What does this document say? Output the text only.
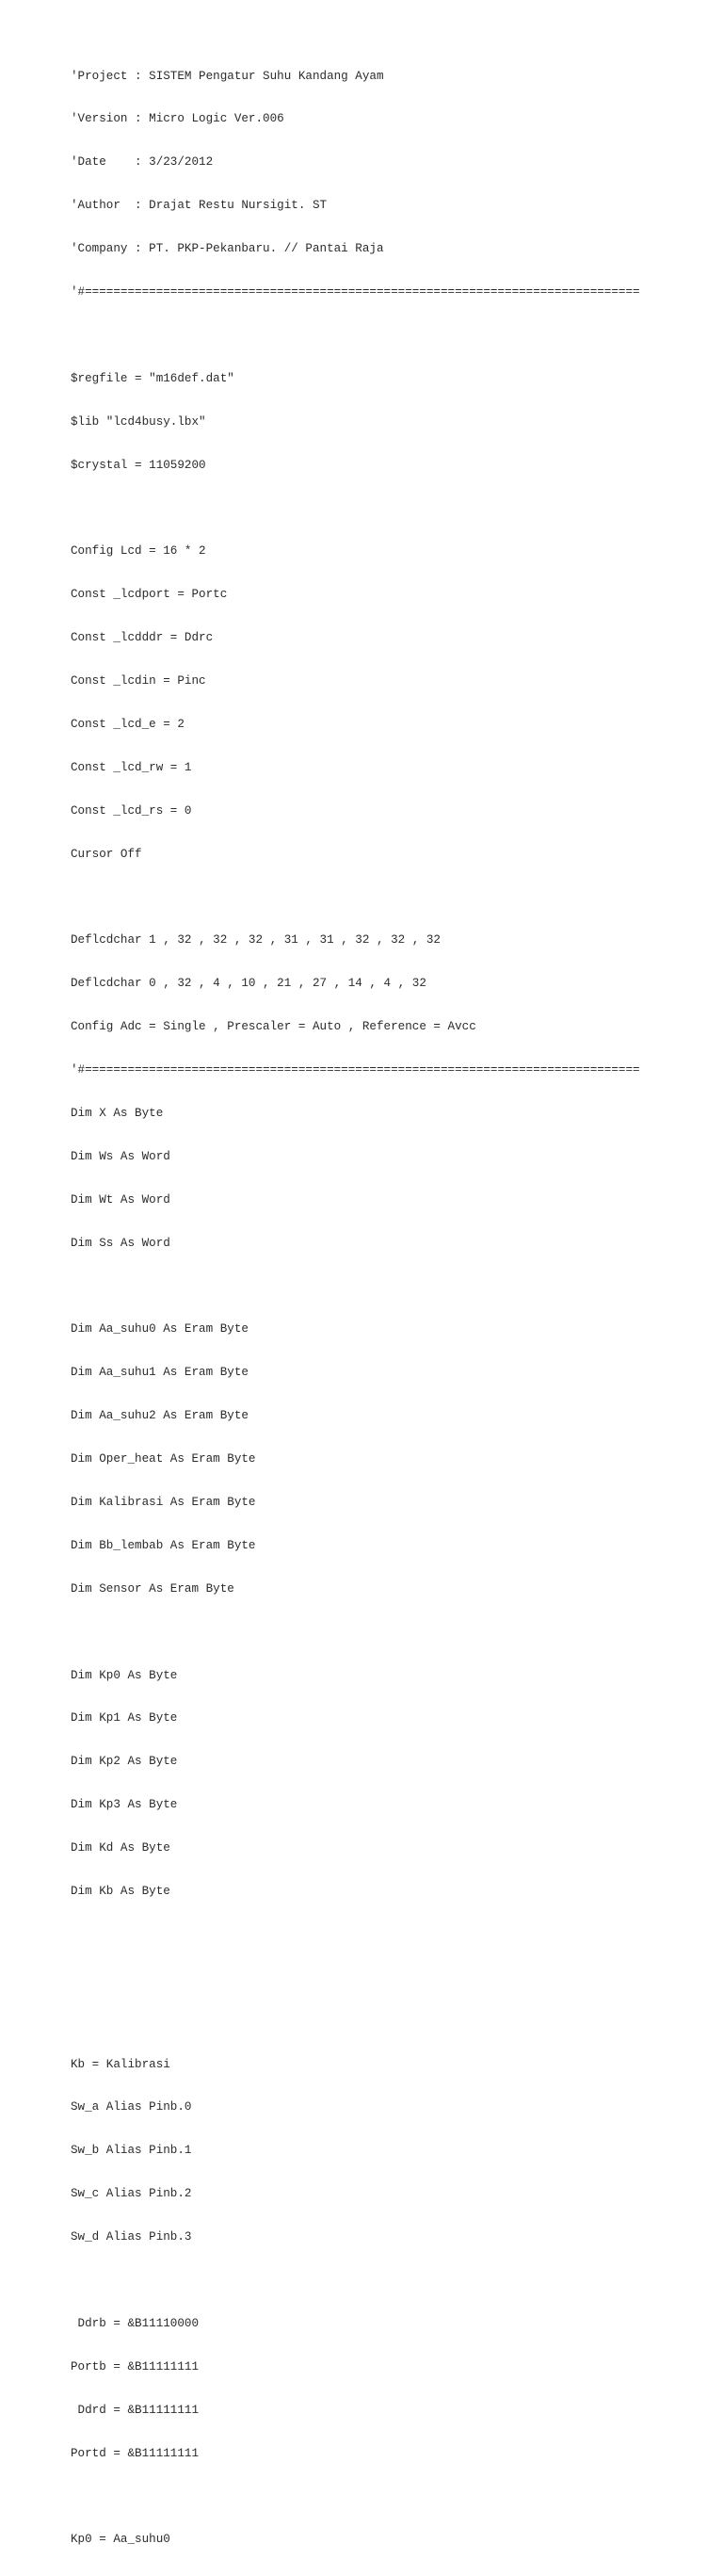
'Project : SISTEM Pengatur Suhu Kandang Ayam

'Version : Micro Logic Ver.006

'Date    : 3/23/2012

'Author  : Drajat Restu Nursigit. ST

'Company : PT. PKP-Pekanbaru. // Pantai Raja

'#==============================================================================

$regfile = "m16def.dat"

$lib "lcd4busy.lbx"

$crystal = 11059200

Config Lcd = 16 * 2

Const _lcdport = Portc

Const _lcdddr = Ddrc

Const _lcdin = Pinc

Const _lcd_e = 2

Const _lcd_rw = 1

Const _lcd_rs = 0

Cursor Off

Deflcdchar 1 , 32 , 32 , 32 , 31 , 31 , 32 , 32 , 32

Deflcdchar 0 , 32 , 4 , 10 , 21 , 27 , 14 , 4 , 32

Config Adc = Single , Prescaler = Auto , Reference = Avcc

'#==============================================================================

Dim X As Byte

Dim Ws As Word

Dim Wt As Word

Dim Ss As Word

Dim Aa_suhu0 As Eram Byte

Dim Aa_suhu1 As Eram Byte

Dim Aa_suhu2 As Eram Byte

Dim Oper_heat As Eram Byte

Dim Kalibrasi As Eram Byte

Dim Bb_lembab As Eram Byte

Dim Sensor As Eram Byte

Dim Kp0 As Byte

Dim Kp1 As Byte

Dim Kp2 As Byte

Dim Kp3 As Byte

Dim Kd As Byte

Dim Kb As Byte

Kb = Kalibrasi

Sw_a Alias Pinb.0

Sw_b Alias Pinb.1

Sw_c Alias Pinb.2

Sw_d Alias Pinb.3

Ddrb = &B11110000

Portb = &B11111111

Ddrd = &B11111111

Portd = &B11111111

Kp0 = Aa_suhu0
